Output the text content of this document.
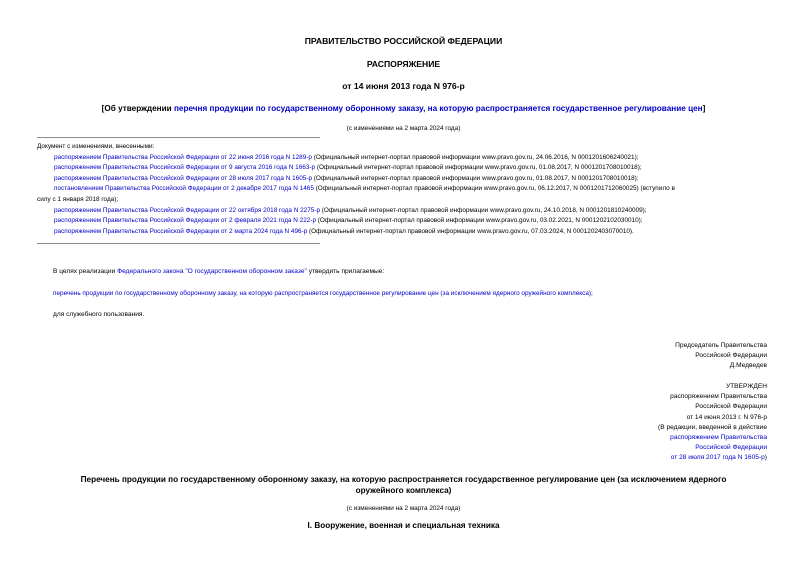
ПРАВИТЕЛЬСТВО РОССИЙСКОЙ ФЕДЕРАЦИИ
РАСПОРЯЖЕНИЕ
от 14 июня 2013 года N 976-р
[Об утверждении перечня продукции по государственному оборонному заказу, на которую распространяется государственное регулирование цен]
(с изменениями на 2 марта 2024 года)
Документ с изменениями, внесенными:
распоряжением Правительства Российской Федерации от 22 июня 2016 года N 1289-р (Официальный интернет-портал правовой информации www.pravo.gov.ru, 24.06.2016, N 0001201606240021);
распоряжением Правительства Российской Федерации от 9 августа 2016 года N 1663-р (Официальный интернет-портал правовой информации www.pravo.gov.ru, 01.08.2017, N 0001201708010018);
распоряжением Правительства Российской Федерации от 28 июля 2017 года N 1605-р (Официальный интернет-портал правовой информации www.pravo.gov.ru, 01.08.2017, N 0001201708010018);
постановлением Правительства Российской Федерации от 2 декабря 2017 года N 1465 (Официальный интернет-портал правовой информации www.pravo.gov.ru, 06.12.2017, N 0001201712060025) (вступило в
силу с 1 января 2018 года);
распоряжением Правительства Российской Федерации от 22 октября 2018 года N 2275-р (Официальный интернет-портал правовой информации www.pravo.gov.ru, 24.10.2018, N 0001201810240009);
распоряжением Правительства Российской Федерации от 2 февраля 2021 года N 222-р (Официальный интернет-портал правовой информации www.pravo.gov.ru, 03.02.2021, N 0001202102030010);
распоряжением Правительства Российской Федерации от 2 марта 2024 года N 496-р (Официальный интернет-портал правовой информации www.pravo.gov.ru, 07.03.2024, N 0001202403070010).
В целях реализации Федерального закона "О государственном оборонном заказе" утвердить прилагаемые:
перечень продукции по государственному оборонному заказу, на которую распространяется государственное регулирование цен (за исключением ядерного оружейного комплекса);
для служебного пользования.
Председатель Правительства
Российской Федерации
Д.Медведев
УТВЕРЖДЕН
распоряжением Правительства
Российской Федерации
от 14 июня 2013 г. N 976-р
(В редакции, введенной в действие
распоряжением Правительства
Российской Федерации
от 28 июля 2017 года N 1605-р)
Перечень продукции по государственному оборонному заказу, на которую распространяется государственное регулирование цен (за исключением ядерного
оружейного комплекса)
(с изменениями на 2 марта 2024 года)
I. Вооружение, военная и специальная техника
